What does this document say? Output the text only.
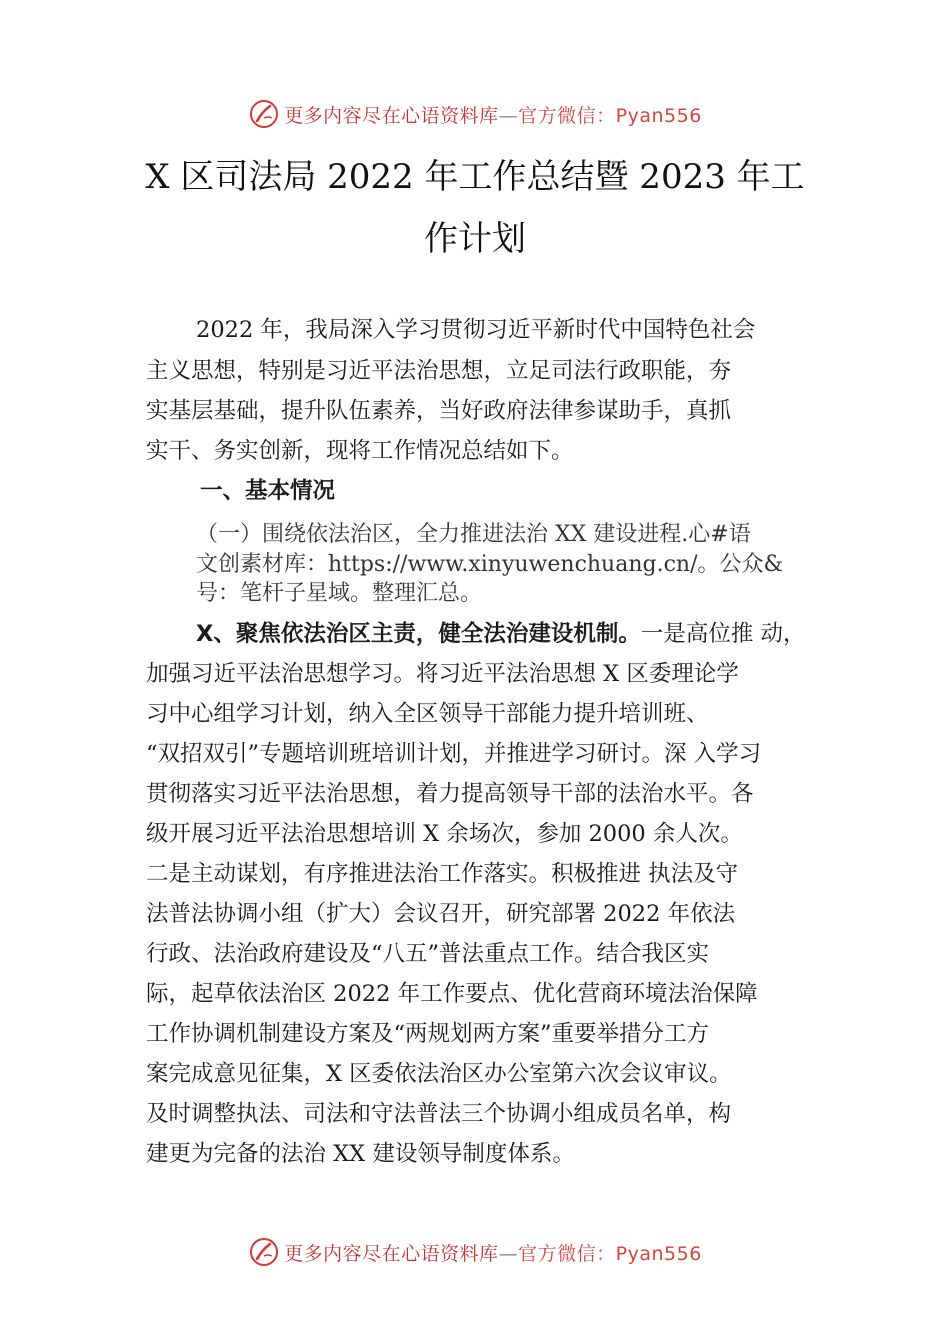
更多内容尽在心语资料库—官方微信：Pyan556
X 区司法局 2022 年工作总结暨 2023 年工
作计划
2022 年，我局深入学习贯彻习近平新时代中国特色社会
主义思想，特别是习近平法治思想，立足司法行政职能，夯
实基层基础，提升队伍素养，当好政府法律参谋助手，真抓
实干、务实创新，现将工作情况总结如下。
一、基本情况
（一）围绕依法治区，全力推进法治 XX 建设进程.心#语
文创素材库：https://www.xinyuwenchuang.cn/。公众&
号：笔杆子星域。整理汇总。
X、聚焦依法治区主责，健全法治建设机制。一是高位推 动，
加强习近平法治思想学习。将习近平法治思想 X 区委理论学
习中心组学习计划，纳入全区领导干部能力提升培训班、
“双招双引”专题培训班培训计划，并推进学习研讨。深 入学习
贯彻落实习近平法治思想，着力提高领导干部的法治水平。各
级开展习近平法治思想培训 X 余场次，参加 2000 余人次。
二是主动谋划，有序推进法治工作落实。积极推进 执法及守
法普法协调小组（扩大）会议召开，研究部署 2022 年依法
行政、法治政府建设及“八五”普法重点工作。结合我区实
际，起草依法治区 2022 年工作要点、优化营商环境法治保障
工作协调机制建设方案及“两规划两方案”重要举措分工方
案完成意见征集，X 区委依法治区办公室第六次会议审议。
及时调整执法、司法和守法普法三个协调小组成员名单，构
建更为完备的法治 XX 建设领导制度体系。
更多内容尽在心语资料库—官方微信：Pyan556
